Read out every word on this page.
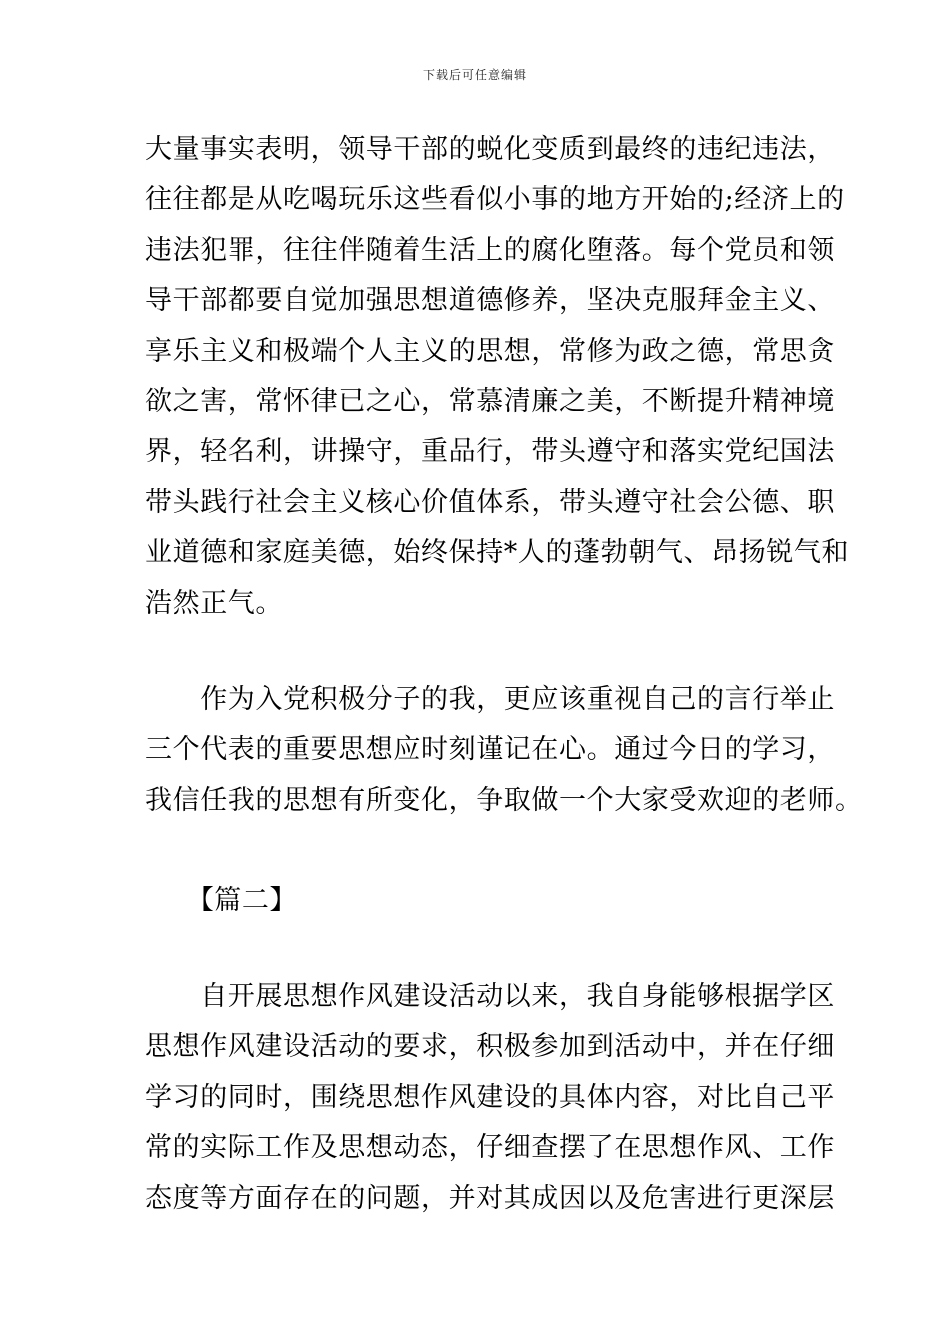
下载后可任意编辑
大量事实表明，领导干部的蜕化变质到最终的违纪违法，
往往都是从吃喝玩乐这些看似小事的地方开始的;经济上的
违法犯罪，往往伴随着生活上的腐化堕落。每个党员和领
导干部都要自觉加强思想道德修养，坚决克服拜金主义、
享乐主义和极端个人主义的思想，常修为政之德，常思贪
欲之害，常怀律已之心，常慕清廉之美，不断提升精神境
界，轻名利，讲操守，重品行，带头遵守和落实党纪国法
带头践行社会主义核心价值体系，带头遵守社会公德、职
业道德和家庭美德，始终保持*人的蓬勃朝气、昂扬锐气和
浩然正气。
　　作为入党积极分子的我，更应该重视自己的言行举止
三个代表的重要思想应时刻谨记在心。通过今日的学习，
我信任我的思想有所变化，争取做一个大家受欢迎的老师。
　　【篇二】
　　自开展思想作风建设活动以来，我自身能够根据学区
思想作风建设活动的要求，积极参加到活动中，并在仔细
学习的同时，围绕思想作风建设的具体内容，对比自己平
常的实际工作及思想动态，仔细查摆了在思想作风、工作
态度等方面存在的问题，并对其成因以及危害进行更深层
